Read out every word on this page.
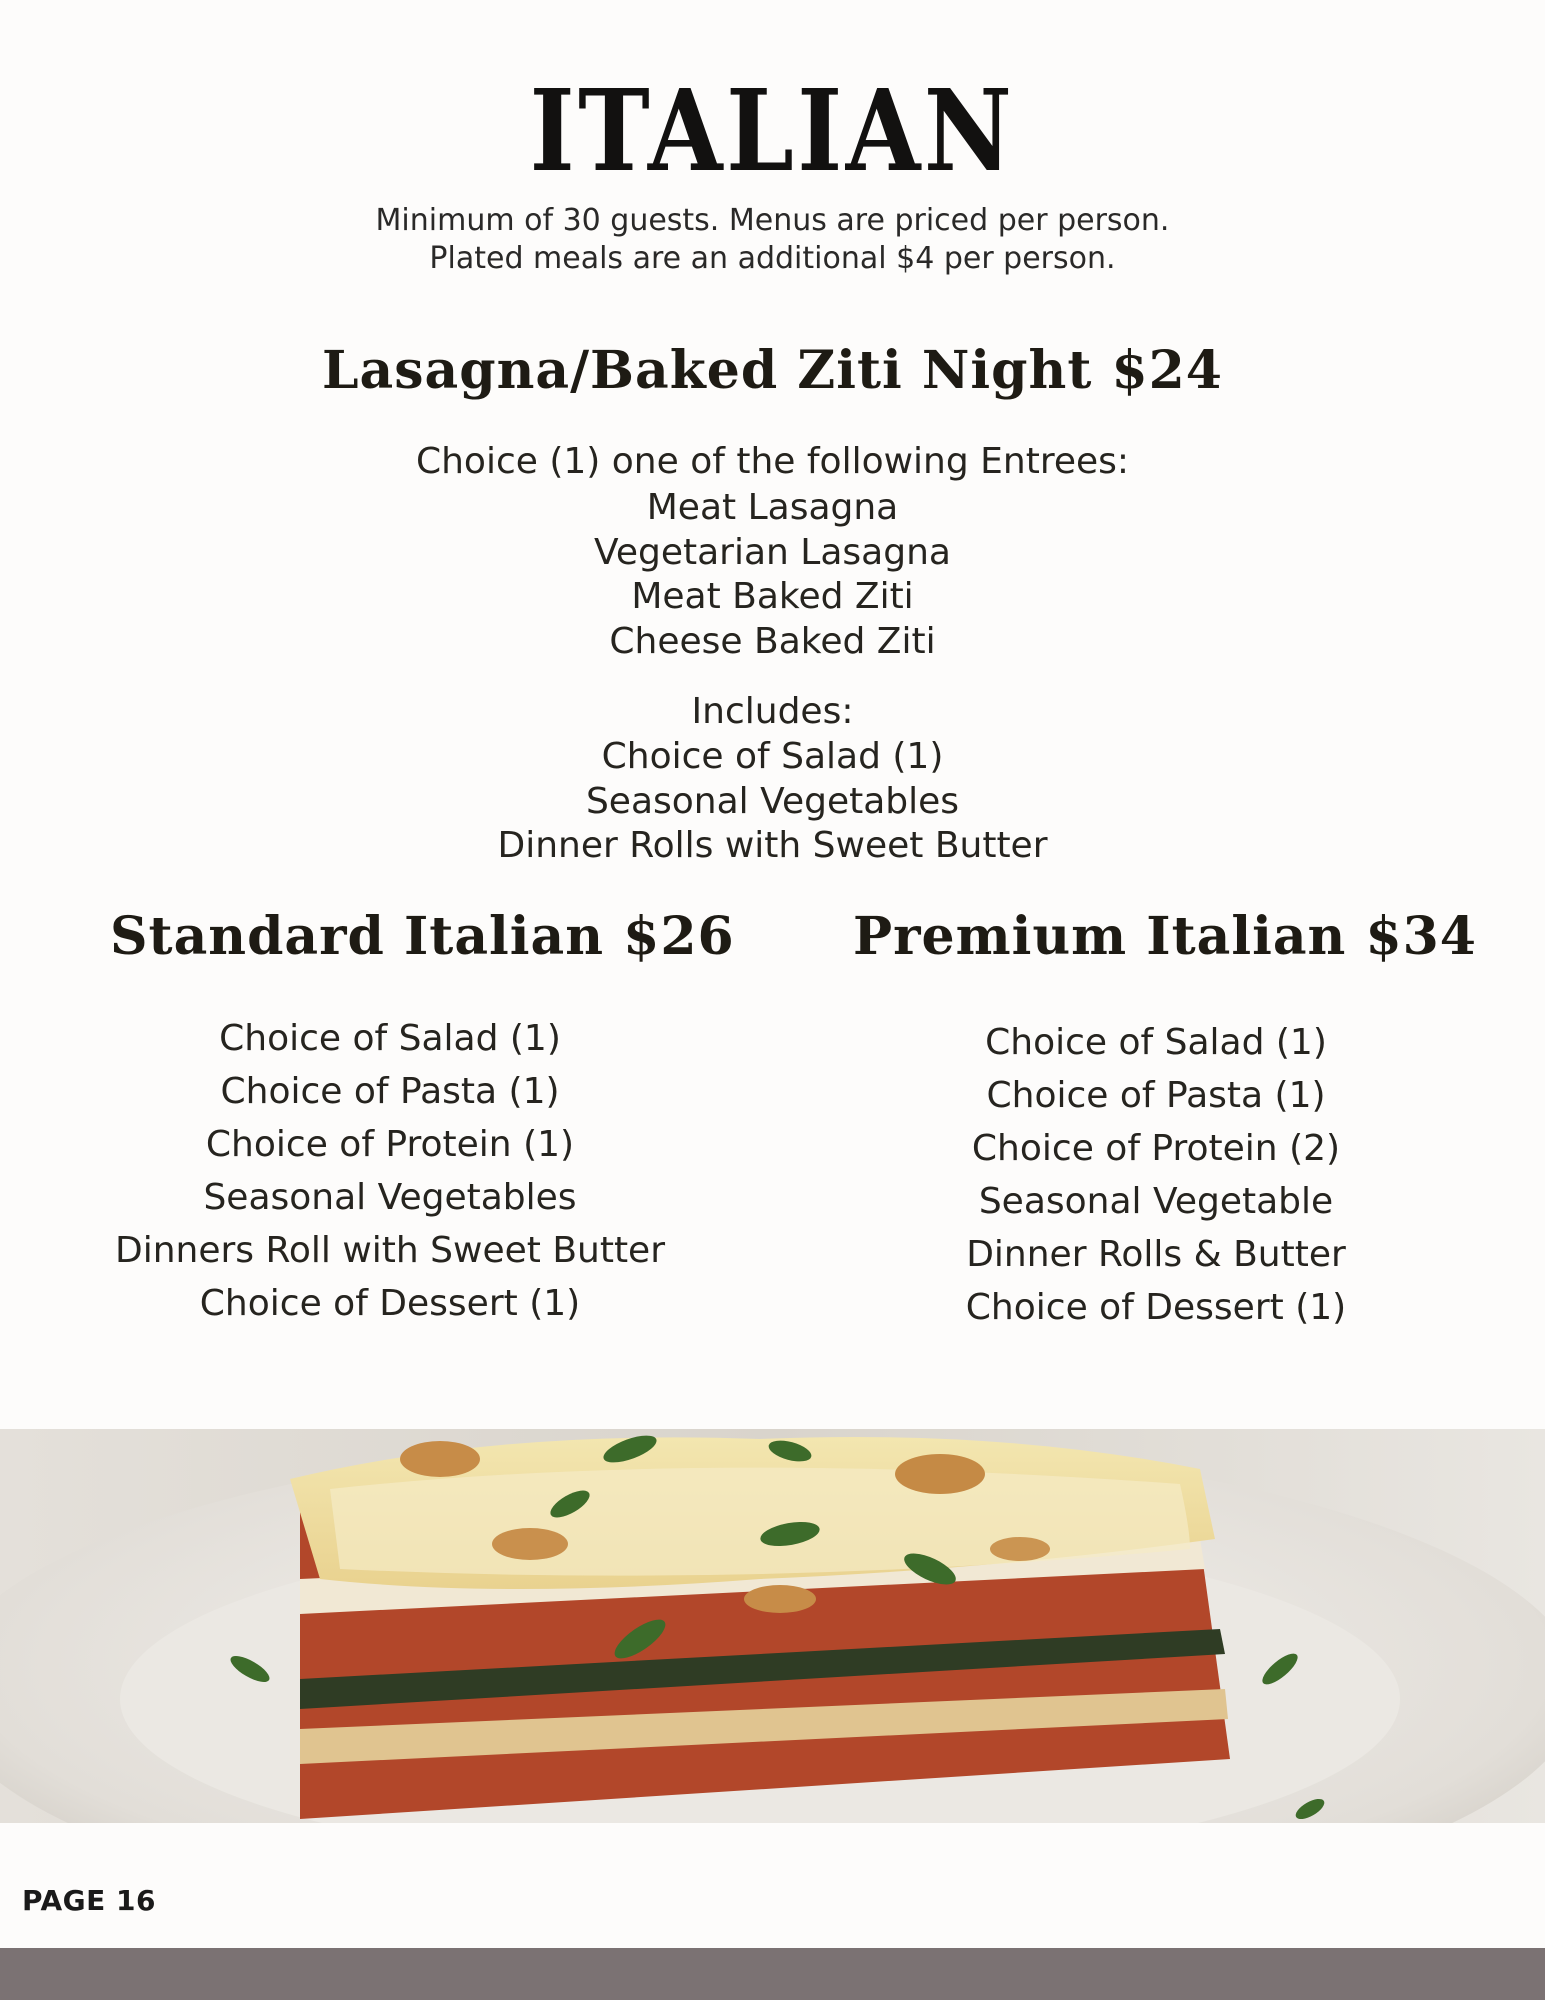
ITALIAN
Minimum of 30 guests. Menus are priced per person.
Plated meals are an additional $4 per person.
Lasagna/Baked Ziti Night $24
Choice (1) one of the following Entrees:
Meat Lasagna
Vegetarian Lasagna
Meat Baked Ziti
Cheese Baked Ziti
Includes:
Choice of Salad (1)
Seasonal Vegetables
Dinner Rolls with Sweet Butter
Standard Italian $26
Choice of Salad (1)
Choice of Pasta (1)
Choice of Protein (1)
Seasonal Vegetables
Dinners Roll with Sweet Butter
Choice of Dessert (1)
Premium Italian $34
Choice of Salad (1)
Choice of Pasta (1)
Choice of Protein (2)
Seasonal Vegetable
Dinner Rolls & Butter
Choice of Dessert (1)
PAGE 16
